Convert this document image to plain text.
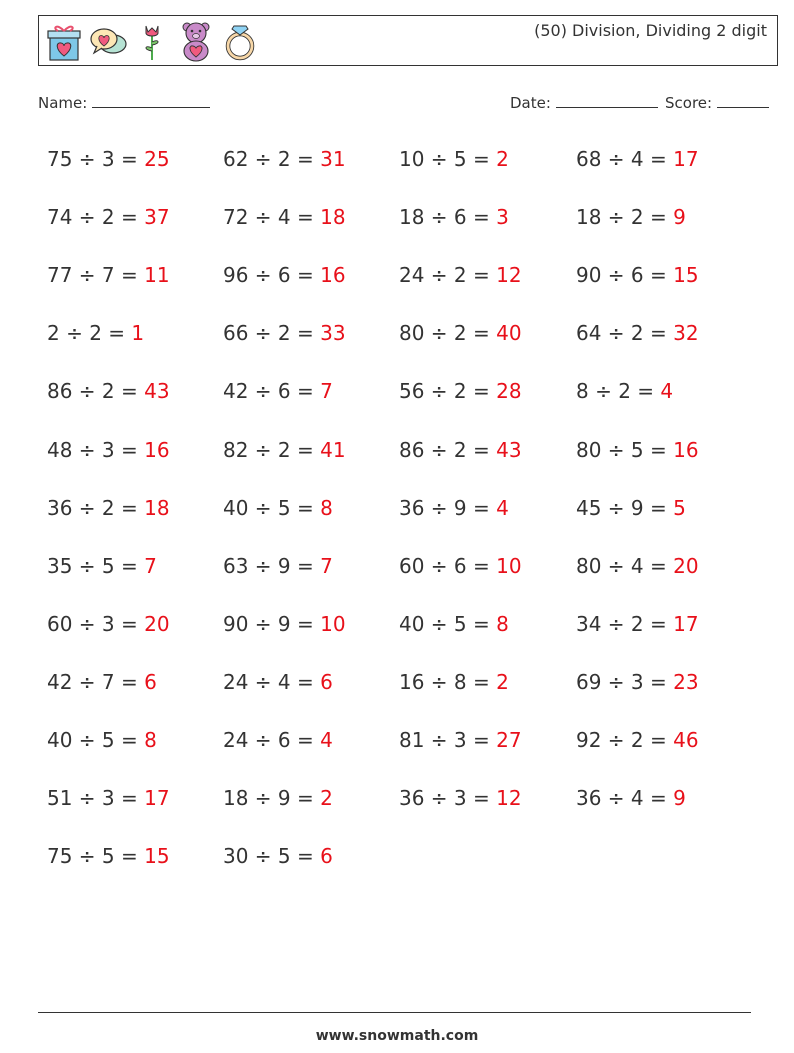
(50) Division, Dividing 2 digit
Name:	Date:	Score:
75 ÷ 3 = 25	62 ÷ 2 = 31	10 ÷ 5 = 2	68 ÷ 4 = 17
74 ÷ 2 = 37	72 ÷ 4 = 18	18 ÷ 6 = 3	18 ÷ 2 = 9
77 ÷ 7 = 11	96 ÷ 6 = 16	24 ÷ 2 = 12	90 ÷ 6 = 15
2 ÷ 2 = 1	66 ÷ 2 = 33	80 ÷ 2 = 40	64 ÷ 2 = 32
86 ÷ 2 = 43	42 ÷ 6 = 7	56 ÷ 2 = 28	8 ÷ 2 = 4
48 ÷ 3 = 16	82 ÷ 2 = 41	86 ÷ 2 = 43	80 ÷ 5 = 16
36 ÷ 2 = 18	40 ÷ 5 = 8	36 ÷ 9 = 4	45 ÷ 9 = 5
35 ÷ 5 = 7	63 ÷ 9 = 7	60 ÷ 6 = 10	80 ÷ 4 = 20
60 ÷ 3 = 20	90 ÷ 9 = 10	40 ÷ 5 = 8	34 ÷ 2 = 17
42 ÷ 7 = 6	24 ÷ 4 = 6	16 ÷ 8 = 2	69 ÷ 3 = 23
40 ÷ 5 = 8	24 ÷ 6 = 4	81 ÷ 3 = 27	92 ÷ 2 = 46
51 ÷ 3 = 17	18 ÷ 9 = 2	36 ÷ 3 = 12	36 ÷ 4 = 9
75 ÷ 5 = 15	30 ÷ 5 = 6
www.snowmath.com
